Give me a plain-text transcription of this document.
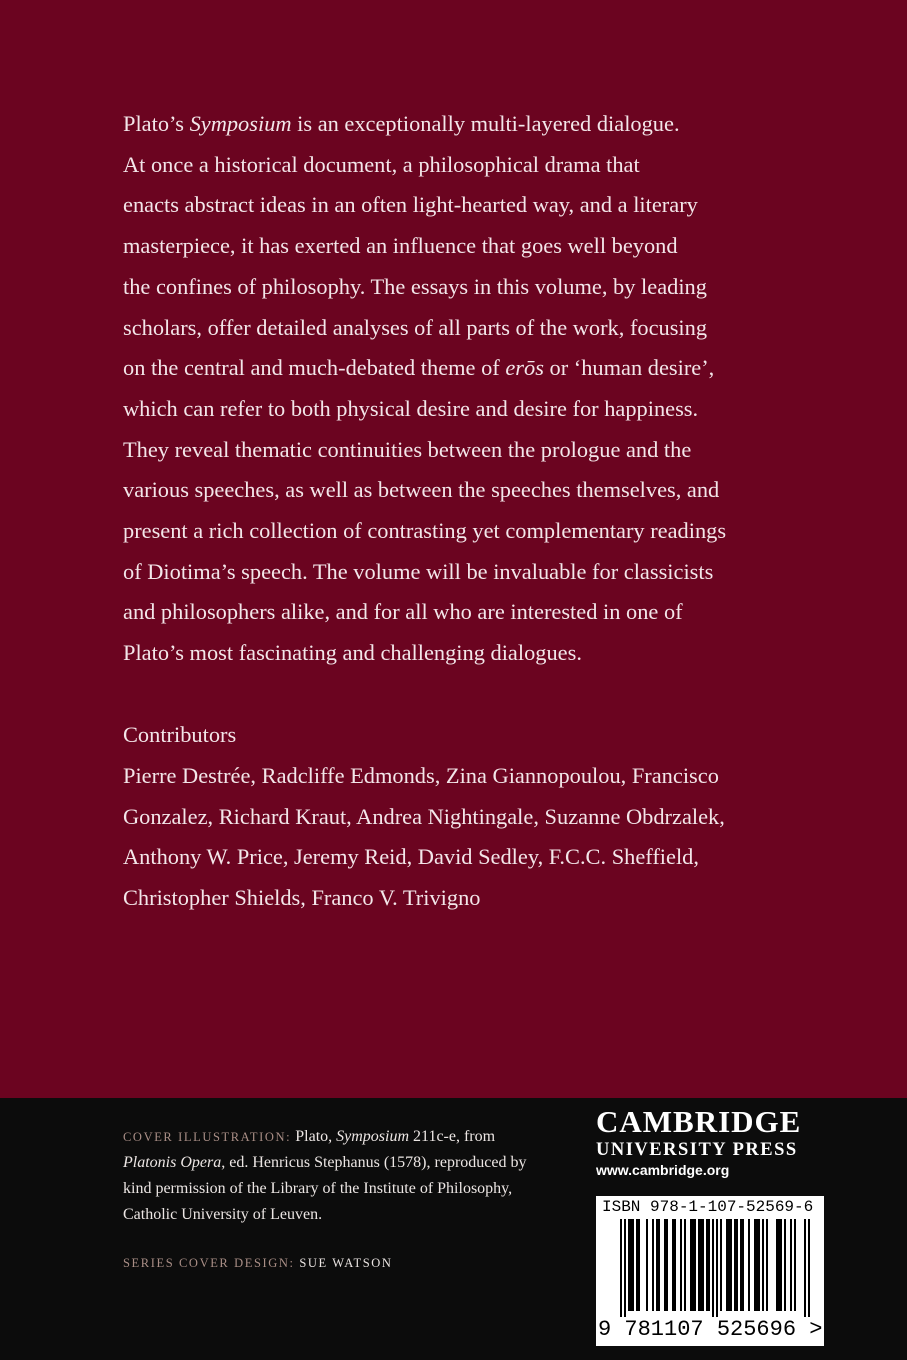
Plato’s Symposium is an exceptionally multi-layered dialogue.

At once a historical document, a philosophical drama that

enacts abstract ideas in an often light-hearted way, and a literary

masterpiece, it has exerted an influence that goes well beyond

the confines of philosophy. The essays in this volume, by leading

scholars, offer detailed analyses of all parts of the work, focusing

on the central and much-debated theme of erōs or ‘human desire’,

which can refer to both physical desire and desire for happiness.

They reveal thematic continuities between the prologue and the

various speeches, as well as between the speeches themselves, and

present a rich collection of contrasting yet complementary readings

of Diotima’s speech. The volume will be invaluable for classicists

and philosophers alike, and for all who are interested in one of

Plato’s most fascinating and challenging dialogues.

Contributors
Pierre Destrée, Radcliffe Edmonds, Zina Giannopoulou, Francisco
Gonzalez, Richard Kraut, Andrea Nightingale, Suzanne Obdrzalek,
Anthony W. Price, Jeremy Reid, David Sedley, F.C.C. Sheffield,
Christopher Shields, Franco V. Trivigno
COVER ILLUSTRATION: Plato, Symposium 211c-e, from
Platonis Opera, ed. Henricus Stephanus (1578), reproduced by
kind permission of the Library of the Institute of Philosophy,
Catholic University of Leuven.
SERIES COVER DESIGN: SUE WATSON
CAMBRIDGE
UNIVERSITY PRESS
www.cambridge.org
ISBN 978-1-107-52569-6
9 781107 525696 >
